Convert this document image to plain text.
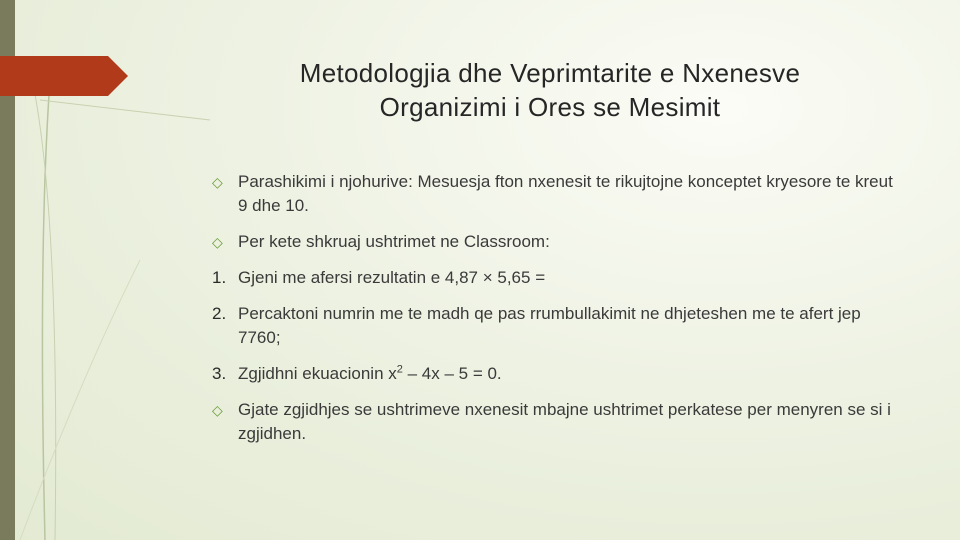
Metodologjia dhe Veprimtarite e Nxenesve
Organizimi i Ores se Mesimit
◇ Parashikimi i njohurive: Mesuesja fton nxenesit te rikujtojne konceptet kryesore te kreut 9 dhe 10.
◇ Per kete shkruaj ushtrimet ne Classroom:
1. Gjeni me afersi rezultatin e 4,87 × 5,65 =
2. Percaktoni numrin me te madh qe pas rrumbullakimit ne dhjeteshen me te afert jep 7760;
3. Zgjidhni ekuacionin $x^2 - 4x - 5 = 0$.
◇ Gjate zgjidhjes se ushtrimeve nxenesit mbajne ushtrimet perkatese per menyren se si i zgjidhen.
